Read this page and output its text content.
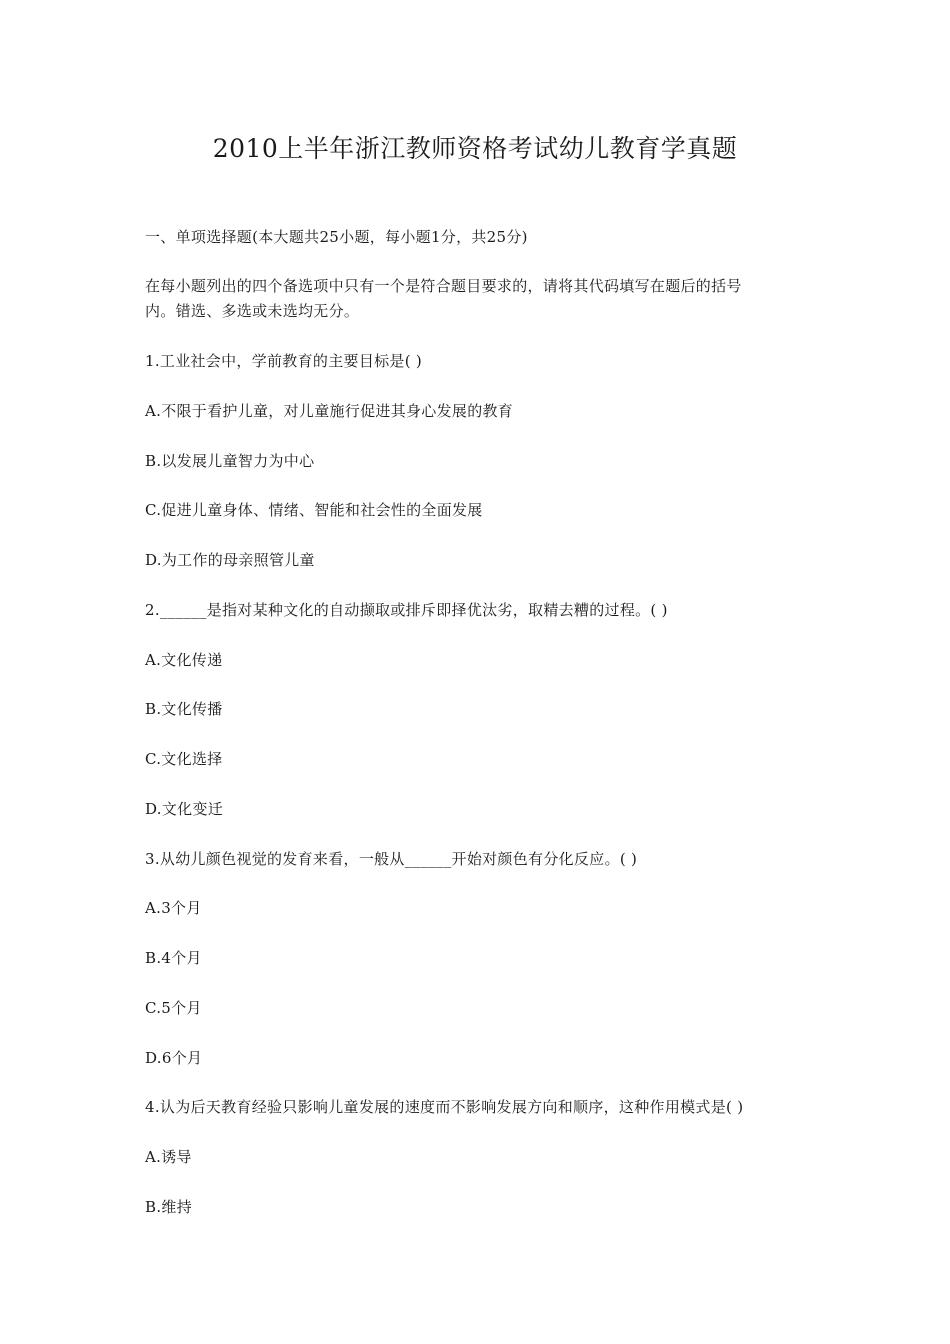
2010上半年浙江教师资格考试幼儿教育学真题
一、单项选择题(本大题共25小题，每小题1分，共25分)
在每小题列出的四个备选项中只有一个是符合题目要求的，请将其代码填写在题后的括号
内。错选、多选或未选均无分。
1.工业社会中，学前教育的主要目标是( )
A.不限于看护儿童，对儿童施行促进其身心发展的教育
B.以发展儿童智力为中心
C.促进儿童身体、情绪、智能和社会性的全面发展
D.为工作的母亲照管儿童
2.______是指对某种文化的自动撷取或排斥即择优汰劣，取精去糟的过程。( )
A.文化传递
B.文化传播
C.文化选择
D.文化变迁
3.从幼儿颜色视觉的发育来看，一般从______开始对颜色有分化反应。( )
A.3个月
B.4个月
C.5个月
D.6个月
4.认为后天教育经验只影响儿童发展的速度而不影响发展方向和顺序，这种作用模式是( )
A.诱导
B.维持
